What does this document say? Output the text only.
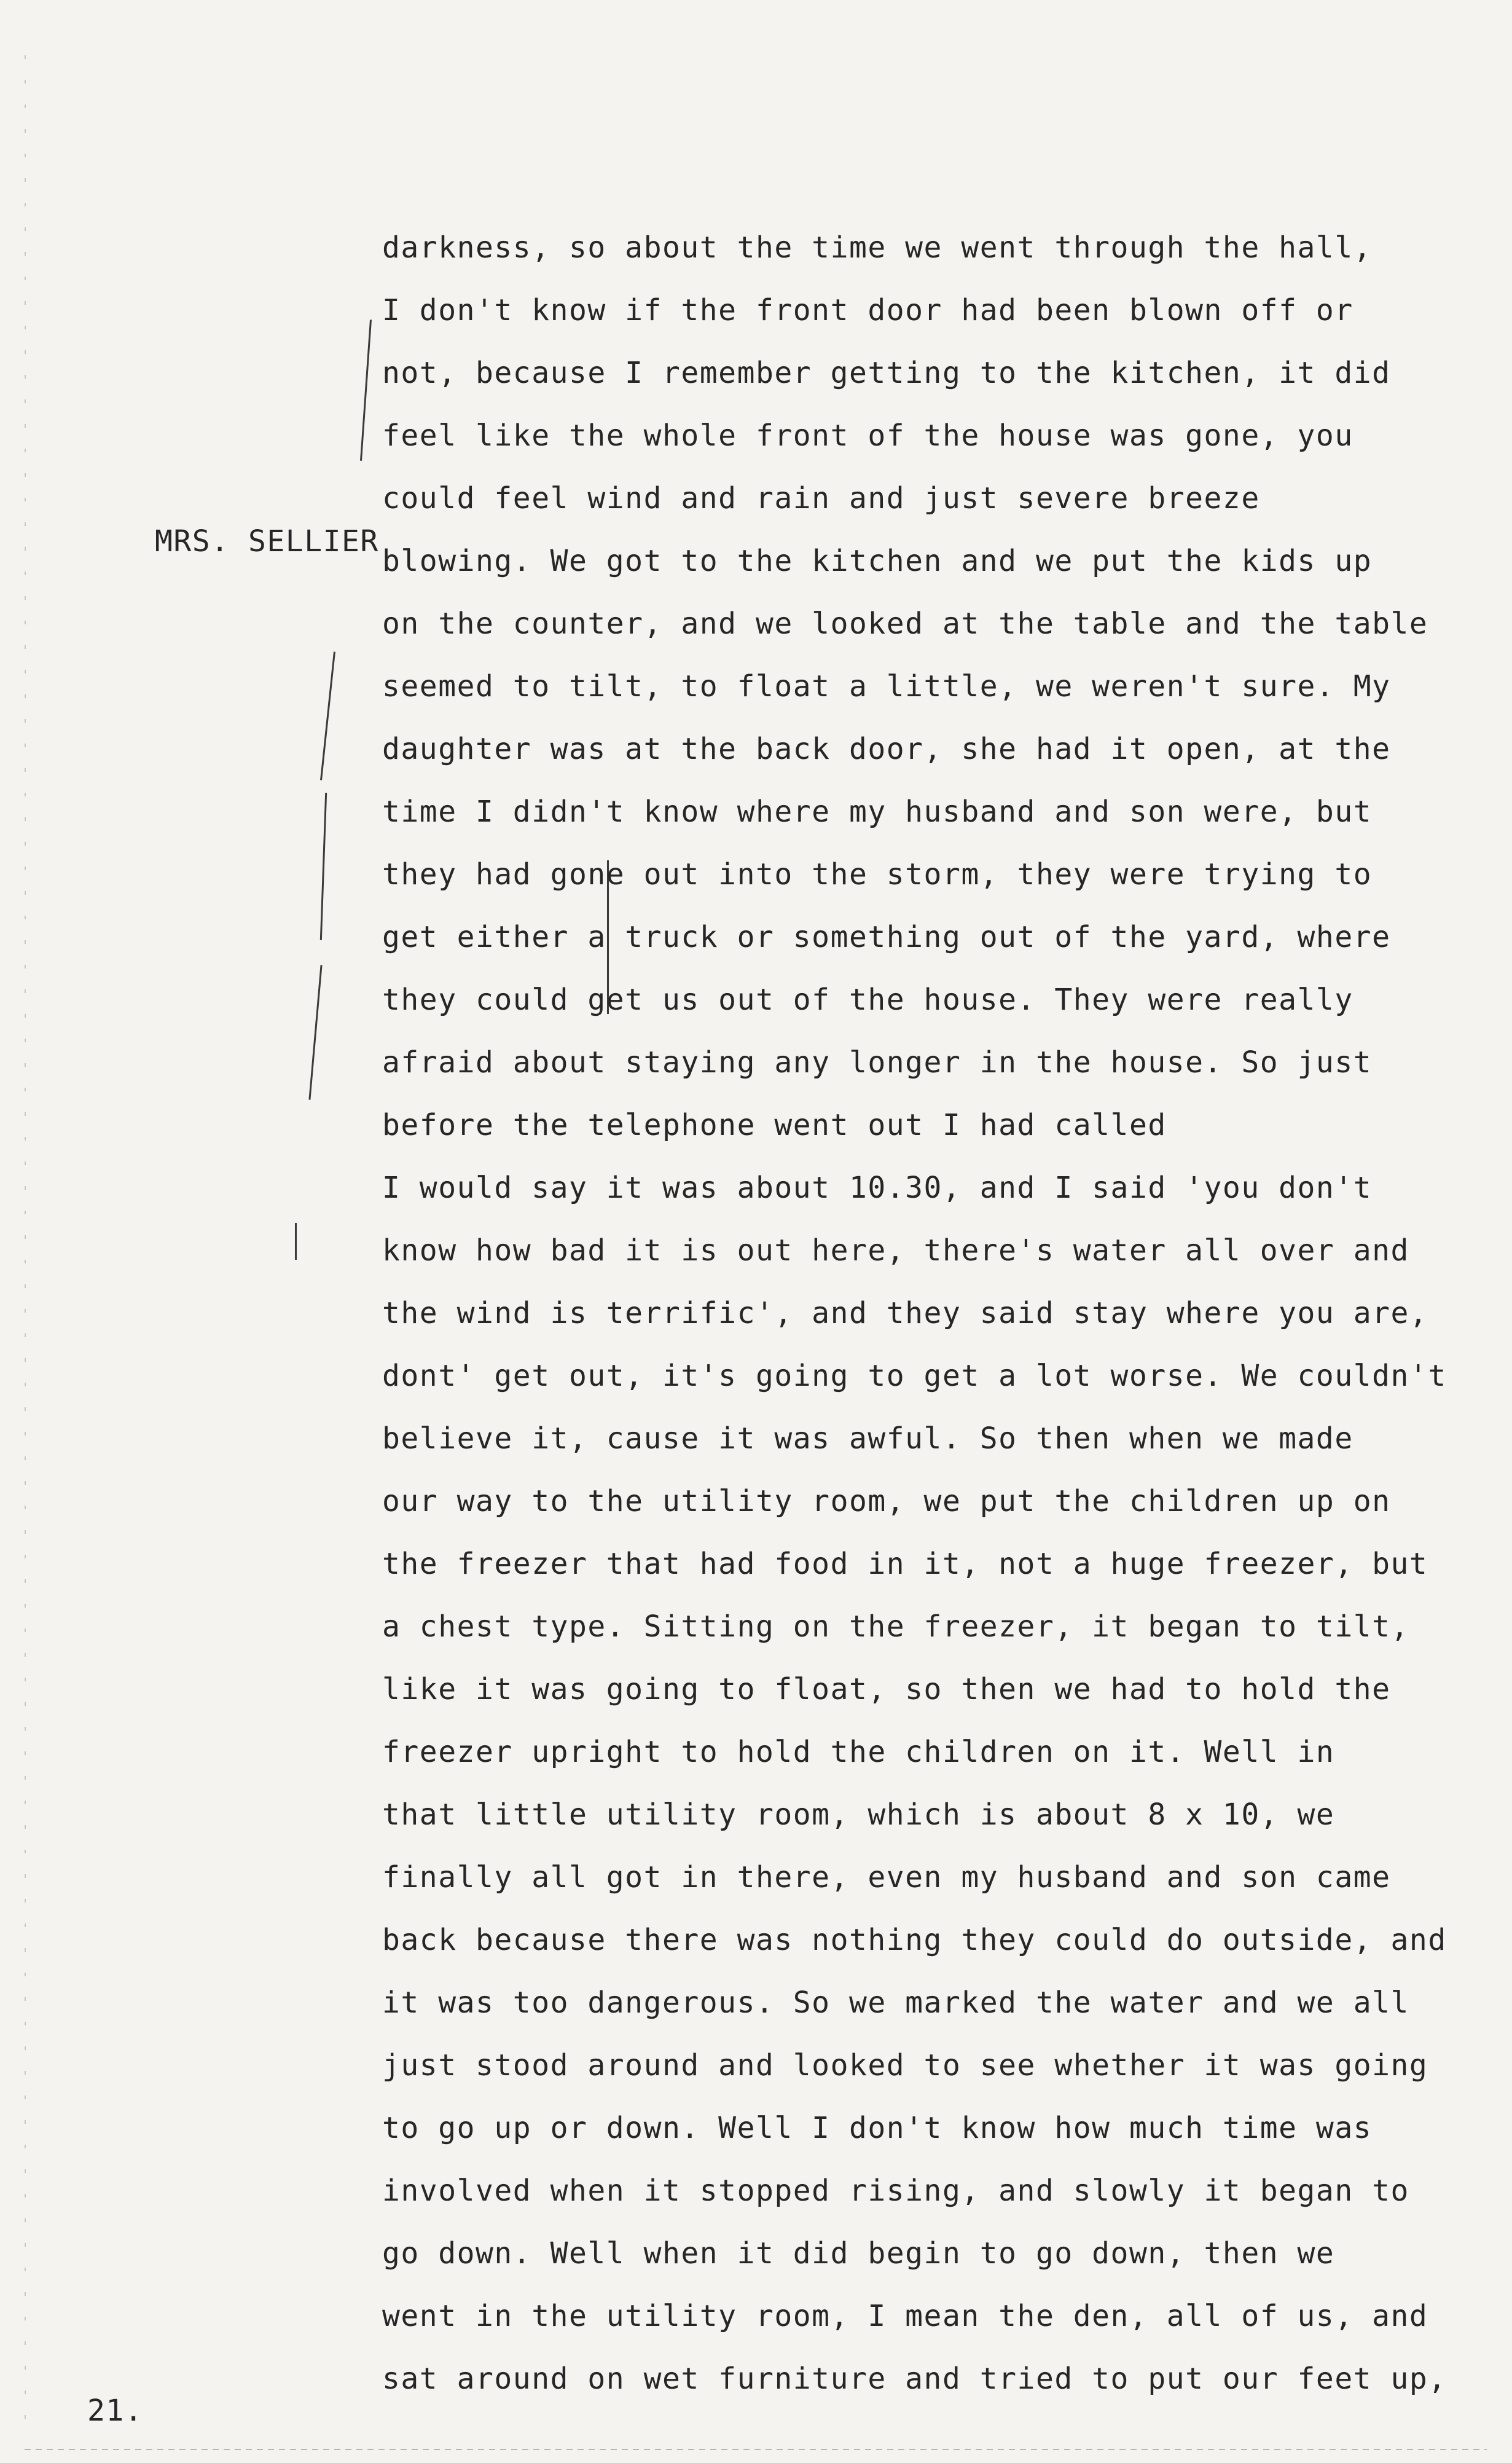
MRS. SELLIER
darkness, so about the time we went through the hall,
I don't know if the front door had been blown off or
not, because I remember getting to the kitchen, it did
feel like the whole front of the house was gone, you
could feel wind and rain and just severe breeze
blowing. We got to the kitchen and we put the kids up
on the counter, and we looked at the table and the table
seemed to tilt, to float a little, we weren't sure. My
daughter was at the back door, she had it open, at the
time I didn't know where my husband and son were, but
they had gone out into the storm, they were trying to
get either a truck or something out of the yard, where
they could get us out of the house. They were really
afraid about staying any longer in the house. So just
before the telephone went out I had called
I would say it was about 10.30, and I said 'you don't
know how bad it is out here, there's water all over and
the wind is terrific', and they said stay where you are,
dont' get out, it's going to get a lot worse. We couldn't
believe it, cause it was awful. So then when we made
our way to the utility room, we put the children up on
the freezer that had food in it, not a huge freezer, but
a chest type. Sitting on the freezer, it began to tilt,
like it was going to float, so then we had to hold the
freezer upright to hold the children on it. Well in
that little utility room, which is about 8 x 10, we
finally all got in there, even my husband and son came
back because there was nothing they could do outside, and
it was too dangerous. So we marked the water and we all
just stood around and looked to see whether it was going
to go up or down. Well I don't know how much time was
involved when it stopped rising, and slowly it began to
go down. Well when it did begin to go down, then we
went in the utility room, I mean the den, all of us, and
sat around on wet furniture and tried to put our feet up,
21.
